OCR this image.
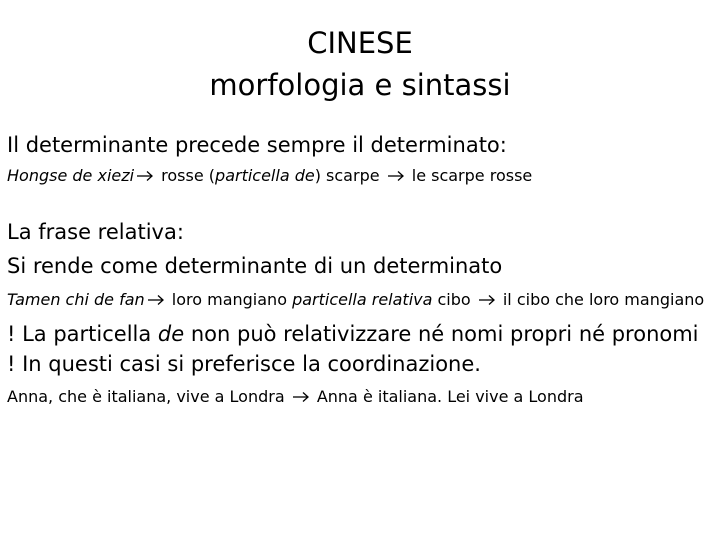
CINESE
morfologia e sintassi

Il determinante precede sempre il determinato:

Hongse de xiezi rosse (particella de) scarpe  le scarpe rosse

La frase relativa:

Si rende come determinante di un determinato

Tamen chi de fan loro mangiano particella relativa cibo  il cibo che loro mangiano

! La particella de non può relativizzare né nomi propri né pronomi ! In questi casi si preferisce la coordinazione.

Anna, che è italiana, vive a Londra  Anna è italiana. Lei vive a Londra
